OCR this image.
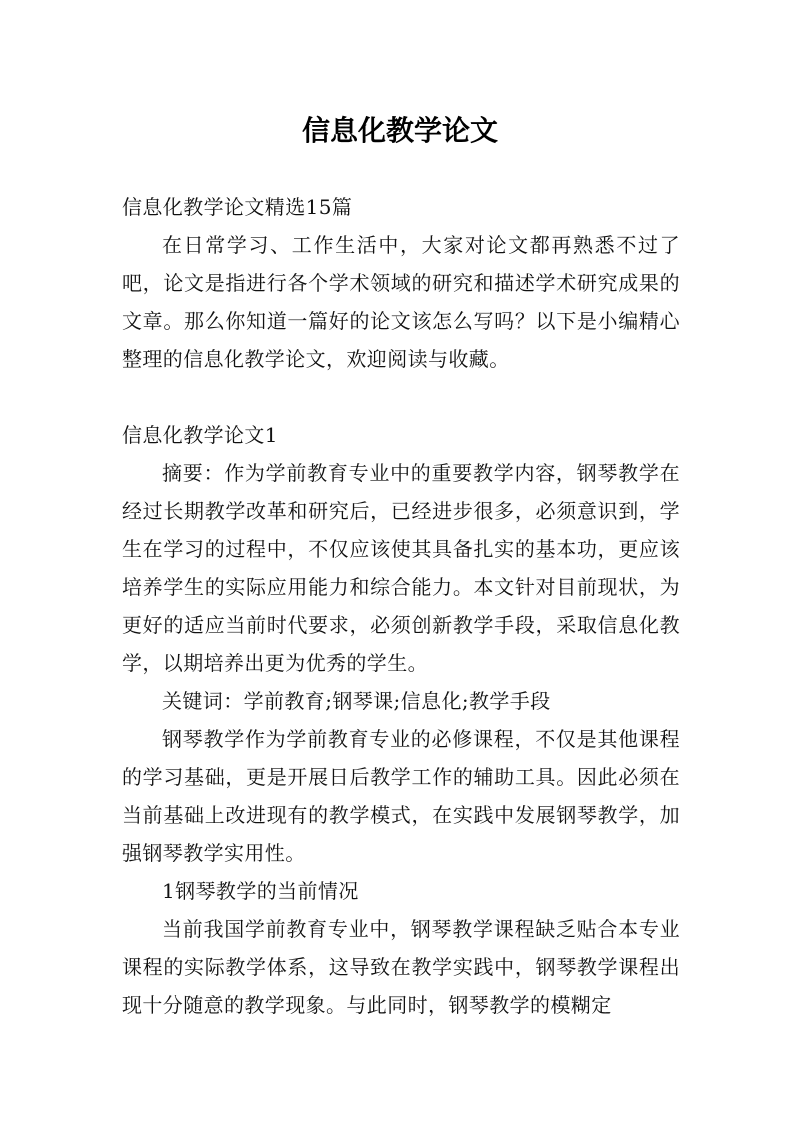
信息化教学论文

信息化教学论文精选15篇

在日常学习、工作生活中，大家对论文都再熟悉不过了吧，论文是指进行各个学术领域的研究和描述学术研究成果的文章。那么你知道一篇好的论文该怎么写吗？以下是小编精心整理的信息化教学论文，欢迎阅读与收藏。

信息化教学论文1

摘要：作为学前教育专业中的重要教学内容，钢琴教学在经过长期教学改革和研究后，已经进步很多，必须意识到，学生在学习的过程中，不仅应该使其具备扎实的基本功，更应该培养学生的实际应用能力和综合能力。本文针对目前现状，为更好的适应当前时代要求，必须创新教学手段，采取信息化教学，以期培养出更为优秀的学生。

关键词：学前教育;钢琴课;信息化;教学手段

钢琴教学作为学前教育专业的必修课程，不仅是其他课程的学习基础，更是开展日后教学工作的辅助工具。因此必须在当前基础上改进现有的教学模式，在实践中发展钢琴教学，加强钢琴教学实用性。

1钢琴教学的当前情况

当前我国学前教育专业中，钢琴教学课程缺乏贴合本专业课程的实际教学体系，这导致在教学实践中，钢琴教学课程出现十分随意的教学现象。与此同时，钢琴教学的模糊定
